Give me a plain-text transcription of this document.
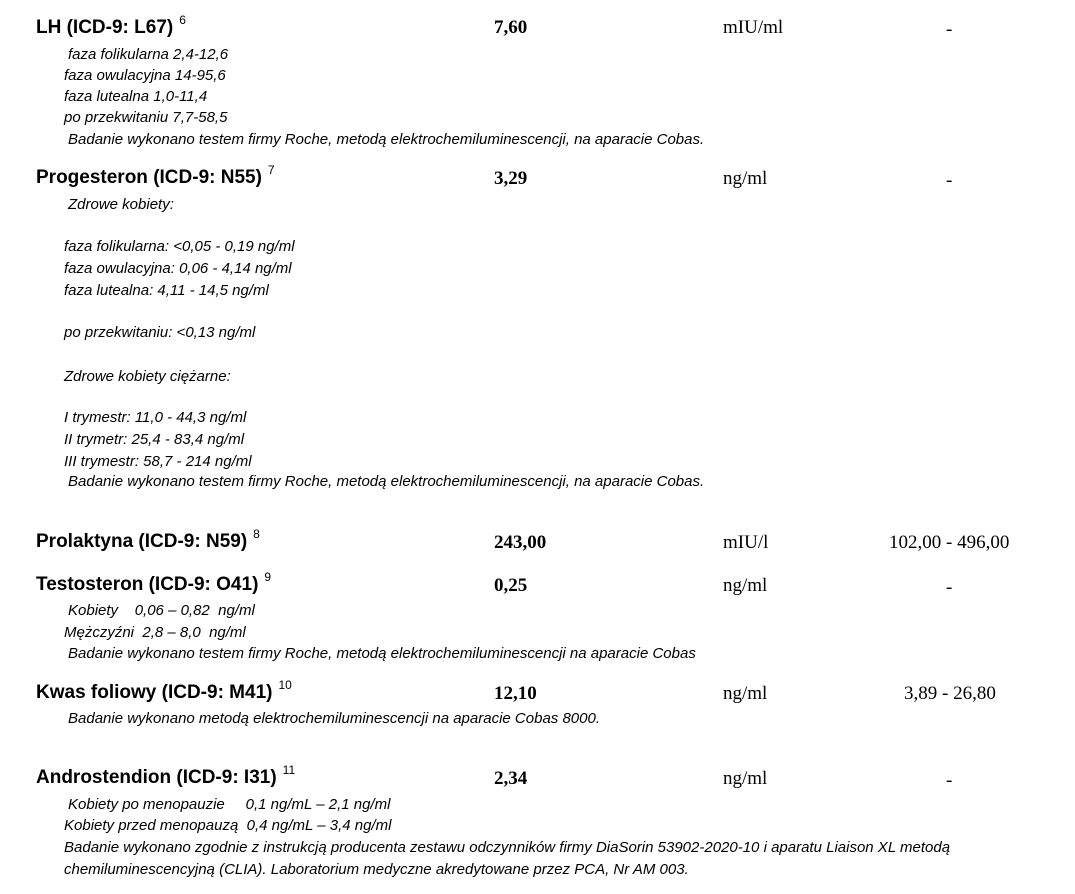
LH (ICD-9: L67) $^6$	7,60	mIU/ml	-
faza folikularna 2,4-12,6
faza owulacyjna 14-95,6
faza lutealna 1,0-11,4
po przekwitaniu 7,7-58,5
Badanie wykonano testem firmy Roche, metodą elektrochemiluminescencji, na aparacie Cobas.
Progesteron (ICD-9: N55) $^7$	3,29	ng/ml	-
Zdrowe kobiety:
faza folikularna: <0,05 - 0,19 ng/ml
faza owulacyjna: 0,06 - 4,14 ng/ml
faza lutealna: 4,11 - 14,5 ng/ml
po przekwitaniu: <0,13 ng/ml
Zdrowe kobiety ciężarne:
I trymestr: 11,0 - 44,3 ng/ml
II trymetr: 25,4 - 83,4 ng/ml
III trymestr: 58,7 - 214 ng/ml
Badanie wykonano testem firmy Roche, metodą elektrochemiluminescencji, na aparacie Cobas.
Prolaktyna (ICD-9: N59) $^8$	243,00	mIU/l	102,00 - 496,00
Testosteron (ICD-9: O41) $^9$	0,25	ng/ml	-
Kobiety    0,06 – 0,82  ng/ml
Mężczyźni  2,8 – 8,0  ng/ml
Badanie wykonano testem firmy Roche, metodą elektrochemiluminescencji na aparacie Cobas
Kwas foliowy (ICD-9: M41) $^{10}$	12,10	ng/ml	3,89 - 26,80
Badanie wykonano metodą elektrochemiluminescencji na aparacie Cobas 8000.
Androstendion (ICD-9: I31) $^{11}$	2,34	ng/ml	-
Kobiety po menopauzie     0,1 ng/mL – 2,1 ng/ml
Kobiety przed menopauzą  0,4 ng/mL – 3,4 ng/ml
Badanie wykonano zgodnie z instrukcją producenta zestawu odczynników firmy DiaSorin 53902-2020-10 i aparatu Liaison XL metodą
chemiluminescencyjną (CLIA). Laboratorium medyczne akredytowane przez PCA, Nr AM 003.
